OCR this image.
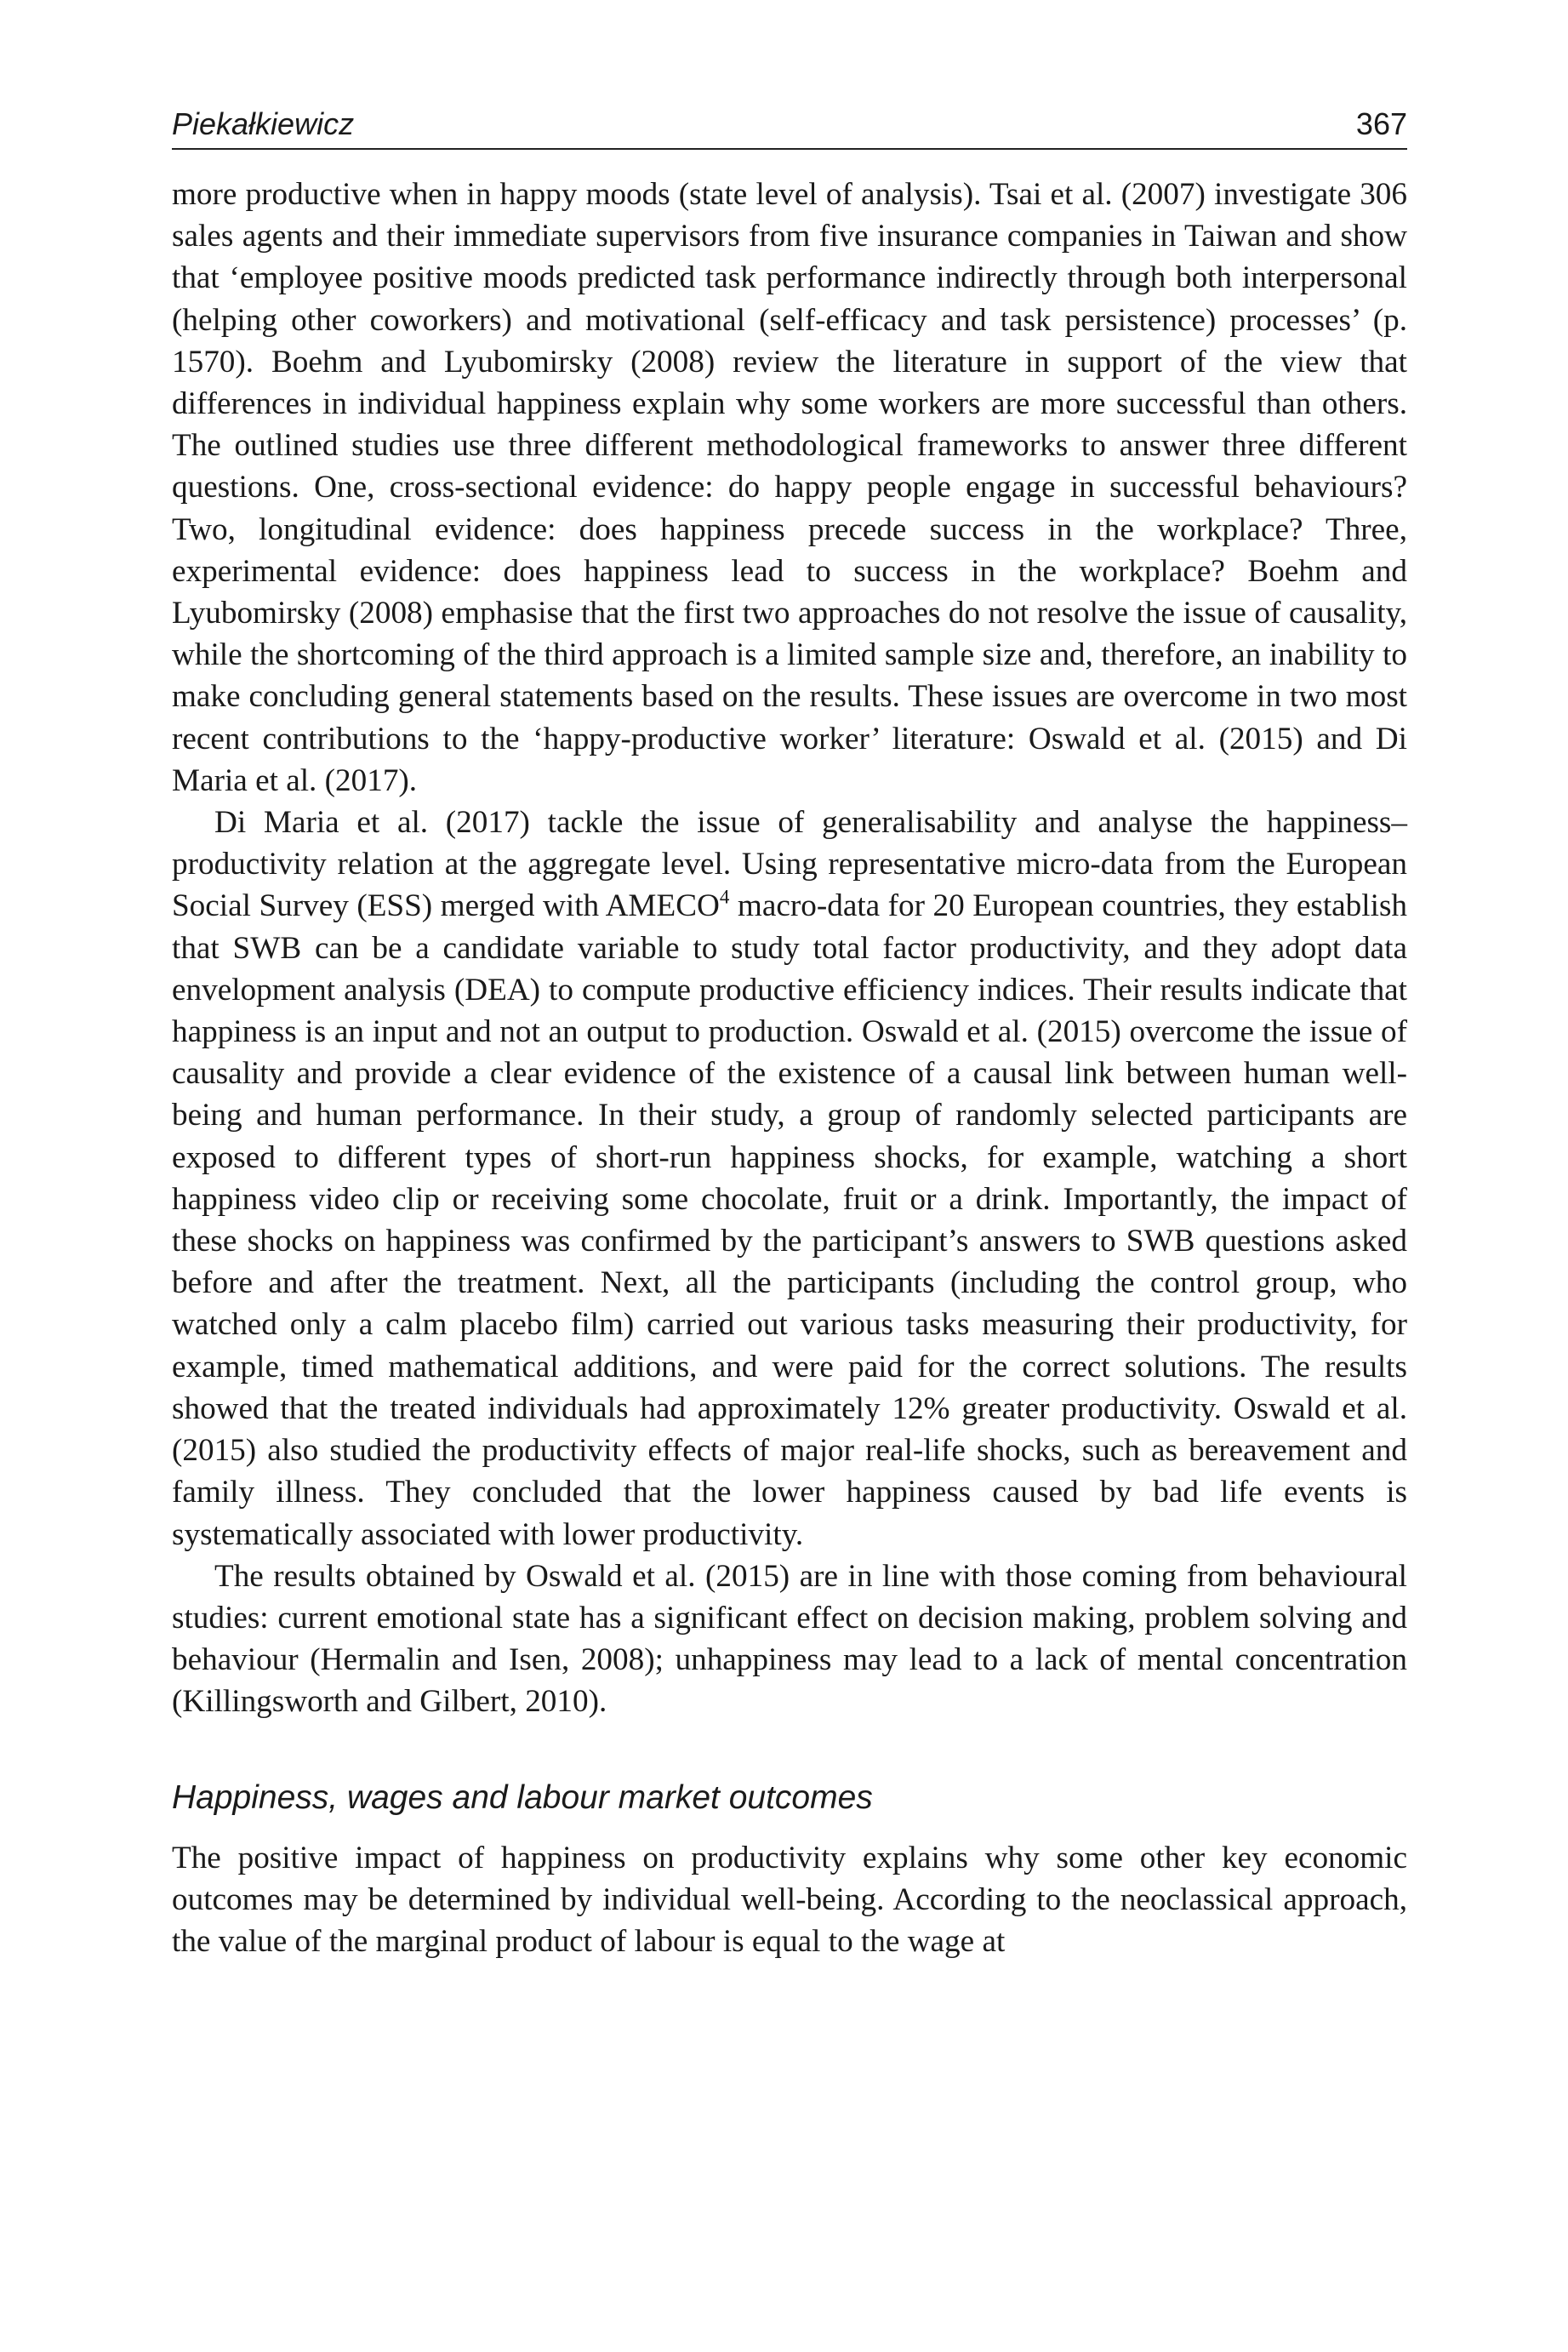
Piekałkiewicz	367

more productive when in happy moods (state level of analysis). Tsai et al. (2007) investigate 306 sales agents and their immediate supervisors from five insurance companies in Taiwan and show that ‘employee positive moods predicted task performance indirectly through both interpersonal (helping other coworkers) and motivational (self-efficacy and task persistence) processes’ (p. 1570). Boehm and Lyubomirsky (2008) review the literature in support of the view that differences in individual happiness explain why some workers are more successful than others. The outlined studies use three different methodological frameworks to answer three different questions. One, cross-sectional evidence: do happy people engage in successful behaviours? Two, longitudinal evidence: does happiness precede success in the workplace? Three, experimental evidence: does happiness lead to success in the workplace? Boehm and Lyubomirsky (2008) emphasise that the first two approaches do not resolve the issue of causality, while the shortcoming of the third approach is a limited sample size and, therefore, an inability to make concluding general statements based on the results. These issues are overcome in two most recent contributions to the ‘happy-productive worker’ literature: Oswald et al. (2015) and Di Maria et al. (2017).

Di Maria et al. (2017) tackle the issue of generalisability and analyse the happiness–productivity relation at the aggregate level. Using representative micro-data from the European Social Survey (ESS) merged with AMECO$^4$ macro-data for 20 European countries, they establish that SWB can be a candidate variable to study total factor productivity, and they adopt data envelopment analysis (DEA) to compute productive efficiency indices. Their results indicate that happiness is an input and not an output to production. Oswald et al. (2015) overcome the issue of causality and provide a clear evidence of the existence of a causal link between human well-being and human performance. In their study, a group of randomly selected participants are exposed to different types of short-run happiness shocks, for example, watching a short happiness video clip or receiving some chocolate, fruit or a drink. Importantly, the impact of these shocks on happiness was confirmed by the participant’s answers to SWB questions asked before and after the treatment. Next, all the participants (including the control group, who watched only a calm placebo film) carried out various tasks measuring their productivity, for example, timed mathematical additions, and were paid for the correct solutions. The results showed that the treated individuals had approximately 12% greater productivity. Oswald et al. (2015) also studied the productivity effects of major real-life shocks, such as bereavement and family illness. They concluded that the lower happiness caused by bad life events is systematically associated with lower productivity.

The results obtained by Oswald et al. (2015) are in line with those coming from behavioural studies: current emotional state has a significant effect on decision making, problem solving and behaviour (Hermalin and Isen, 2008); unhappiness may lead to a lack of mental concentration (Killingsworth and Gilbert, 2010).

Happiness, wages and labour market outcomes

The positive impact of happiness on productivity explains why some other key economic outcomes may be determined by individual well-being. According to the neoclassical approach, the value of the marginal product of labour is equal to the wage at
